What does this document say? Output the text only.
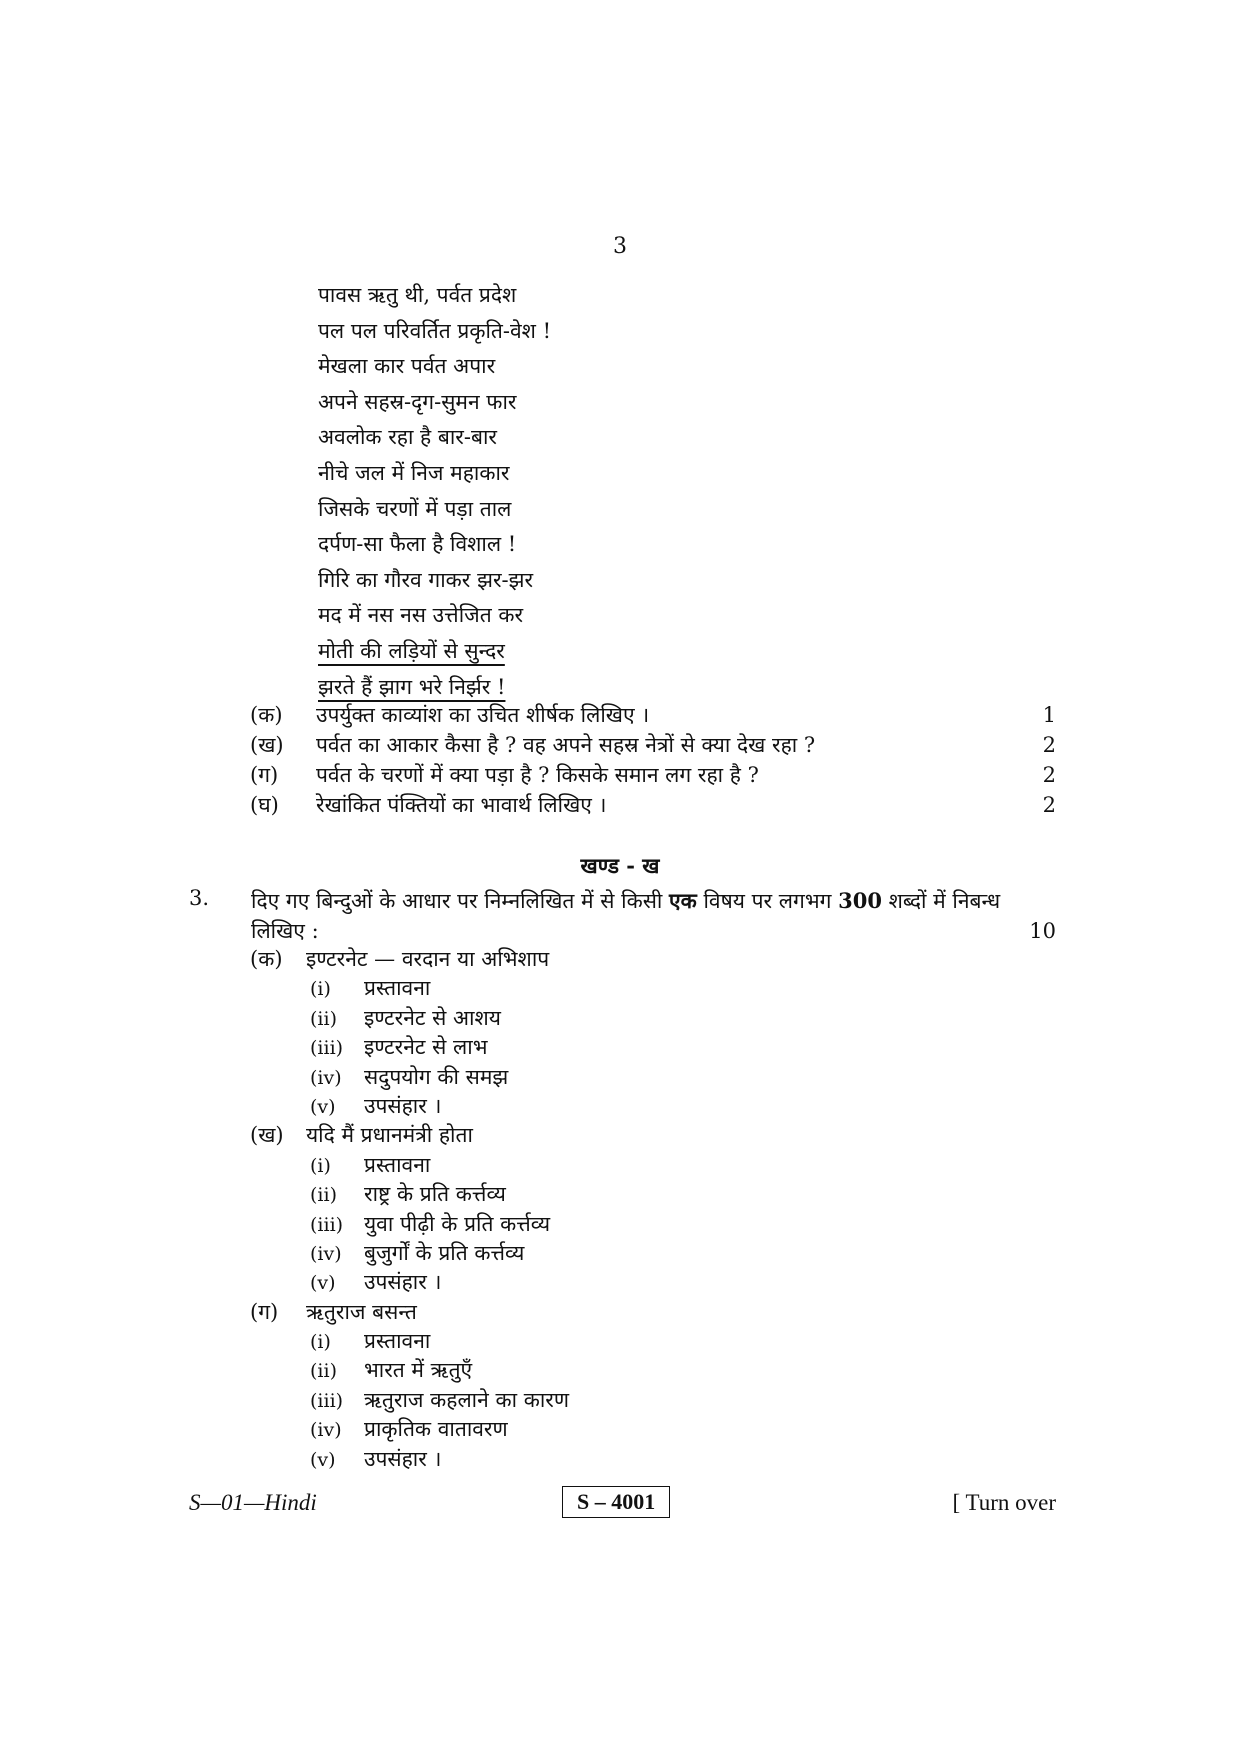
3
पावस ऋतु थी, पर्वत प्रदेश
पल पल परिवर्तित प्रकृति-वेश !
मेखला कार पर्वत अपार
अपने सहस्र-दृग-सुमन फार
अवलोक रहा है बार-बार
नीचे जल में निज महाकार
जिसके चरणों में पड़ा ताल
दर्पण-सा फैला है विशाल !
गिरि का गौरव गाकर झर-झर
मद में नस नस उत्तेजित कर
मोती की लड़ियों से सुन्दर
झरते हैं झाग भरे निर्झर !
(क) उपर्युक्त काव्यांश का उचित शीर्षक लिखिए ।	1
(ख) पर्वत का आकार कैसा है ? वह अपने सहस्र नेत्रों से क्या देख रहा ?	2
(ग) पर्वत के चरणों में क्या पड़ा है ? किसके समान लग रहा है ?	2
(घ) रेखांकित पंक्तियों का भावार्थ लिखिए ।	2
खण्ड - ख
3. दिए गए बिन्दुओं के आधार पर निम्नलिखित में से किसी एक विषय पर लगभग 300 शब्दों में निबन्ध लिखिए :	10
(क) इण्टरनेट — वरदान या अभिशाप
(i) प्रस्तावना
(ii) इण्टरनेट से आशय
(iii) इण्टरनेट से लाभ
(iv) सदुपयोग की समझ
(v) उपसंहार ।
(ख) यदि मैं प्रधानमंत्री होता
(i) प्रस्तावना
(ii) राष्ट्र के प्रति कर्त्तव्य
(iii) युवा पीढ़ी के प्रति कर्त्तव्य
(iv) बुजुर्गों के प्रति कर्त्तव्य
(v) उपसंहार ।
(ग) ऋतुराज बसन्त
(i) प्रस्तावना
(ii) भारत में ऋतुएँ
(iii) ऋतुराज कहलाने का कारण
(iv) प्राकृतिक वातावरण
(v) उपसंहार ।
S—01—Hindi	S – 4001	[ Turn over
